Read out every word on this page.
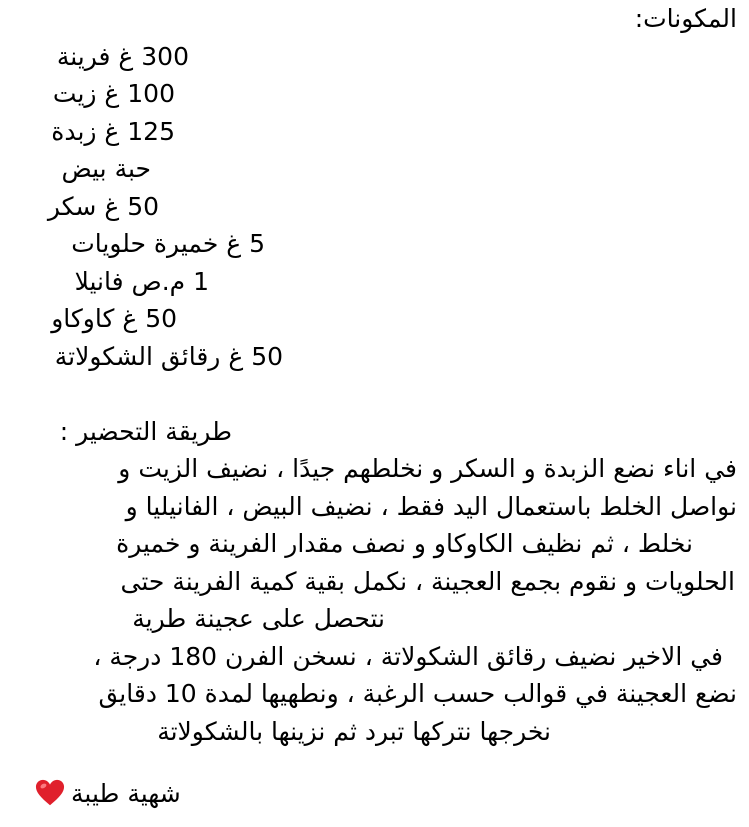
المكونات:
300 غ فرينة
100 غ زيت
125 غ زبدة
حبة بيض
50 غ سكر
5 غ خميرة حلويات
1 م.ص فانيلا
50 غ كاوكاو
50 غ رقائق الشكولاتة
طريقة التحضير :
في اناء نضع الزبدة و السكر و نخلطهم جيدًا ، نضيف الزيت و
نواصل الخلط باستعمال اليد فقط ، نضيف البيض ، الفانيليا و
نخلط ، ثم نظيف الكاوكاو و نصف مقدار الفرينة و خميرة
الحلويات و نقوم بجمع العجينة ، نكمل بقية كمية الفرينة حتى
نتحصل على عجينة طرية
في الاخير نضيف رقائق الشكولاتة ، نسخن الفرن 180 درجة ،
نضع العجينة في قوالب حسب الرغبة ، ونطهيها لمدة 10 دقايق
نخرجها نتركها تبرد ثم نزينها بالشكولاتة
شهية طيبة
